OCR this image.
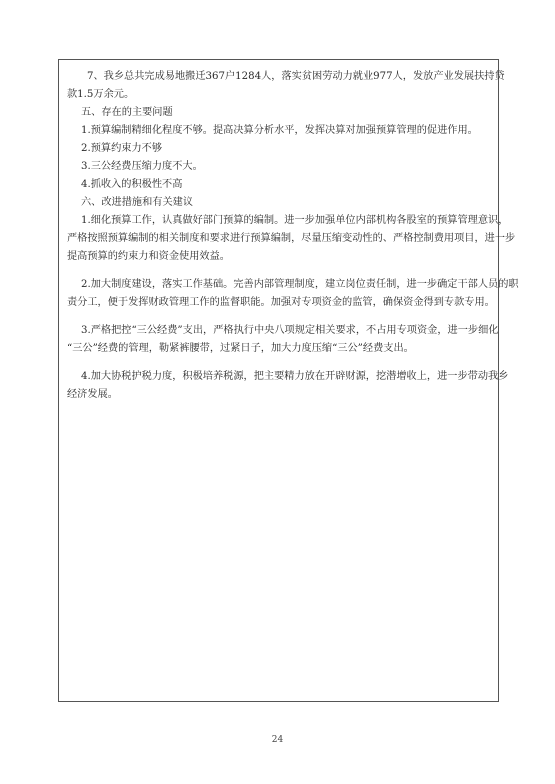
7、我乡总共完成易地搬迁367户1284人，落实贫困劳动力就业977人，发放产业发展扶持贷
款1.5万余元。
五、存在的主要问题
1.预算编制精细化程度不够。提高决算分析水平，发挥决算对加强预算管理的促进作用。
2.预算约束力不够
3.三公经费压缩力度不大。
4.抓收入的积极性不高
六、改进措施和有关建议
1.细化预算工作，认真做好部门预算的编制。进一步加强单位内部机构各股室的预算管理意识，
严格按照预算编制的相关制度和要求进行预算编制，尽量压缩变动性的、严格控制费用项目，进一步
提高预算的约束力和资金使用效益。
2.加大制度建设，落实工作基础。完善内部管理制度，建立岗位责任制，进一步确定干部人员的职
责分工，便于发挥财政管理工作的监督职能。加强对专项资金的监管，确保资金得到专款专用。
3.严格把控“三公经费”支出，严格执行中央八项规定相关要求，不占用专项资金，进一步细化
“三公”经费的管理，勒紧裤腰带，过紧日子，加大力度压缩“三公”经费支出。
4.加大协税护税力度，积极培养税源，把主要精力放在开辟财源，挖潜增收上，进一步带动我乡
经济发展。
24
